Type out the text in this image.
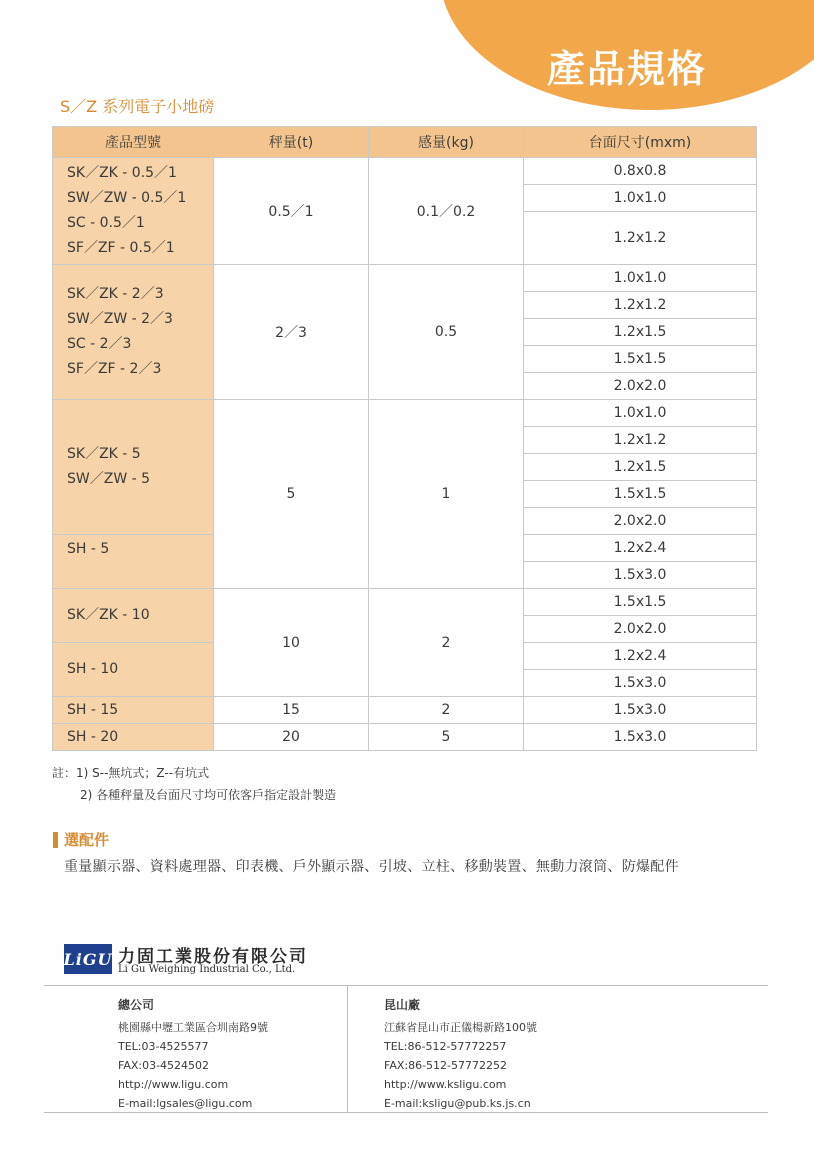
產品規格
S／Z 系列電子小地磅
產品型號	秤量(t)	感量(kg)	台面尺寸(mxm)

SK／ZK - 0.5／1
SW／ZW - 0.5／1
SC - 0.5／1
SF／ZF - 0.5／1	0.5／1	0.1／0.2	0.8x0.8
			1.0x1.0
			1.2x1.2

SK／ZK - 2／3
SW／ZW - 2／3
SC - 2／3
SF／ZF - 2／3	2／3	0.5	1.0x1.0
			1.2x1.2
			1.2x1.5
			1.5x1.5
			2.0x2.0

SK／ZK - 5
SW／ZW - 5	5	1	1.0x1.0
			1.2x1.2
			1.2x1.5
			1.5x1.5
			2.0x2.0

SH - 5			1.2x2.4
			1.5x3.0
SK／ZK - 10	10	2	1.5x1.5
			2.0x2.0
SH - 10			1.2x2.4
			1.5x3.0
SH - 15	15	2	1.5x3.0
SH - 20	20	5	1.5x3.0
註：1) S--無坑式；Z--有坑式
2) 各種秤量及台面尺寸均可依客戶指定設計製造
選配件
重量顯示器、資料處理器、印表機、戶外顯示器、引坡、立柱、移動裝置、無動力滾筒、防爆配件
LiGU 力固工業股份有限公司
Li Gu Weighing Industrial Co., Ltd.
總公司
桃園縣中壢工業區合圳南路9號
TEL:03-4525577
FAX:03-4524502
http://www.ligu.com
E-mail:lgsales@ligu.com
昆山廠
江蘇省昆山市正儀楊新路100號
TEL:86-512-57772257
FAX:86-512-57772252
http://www.ksligu.com
E-mail:ksligu@pub.ks.js.cn
